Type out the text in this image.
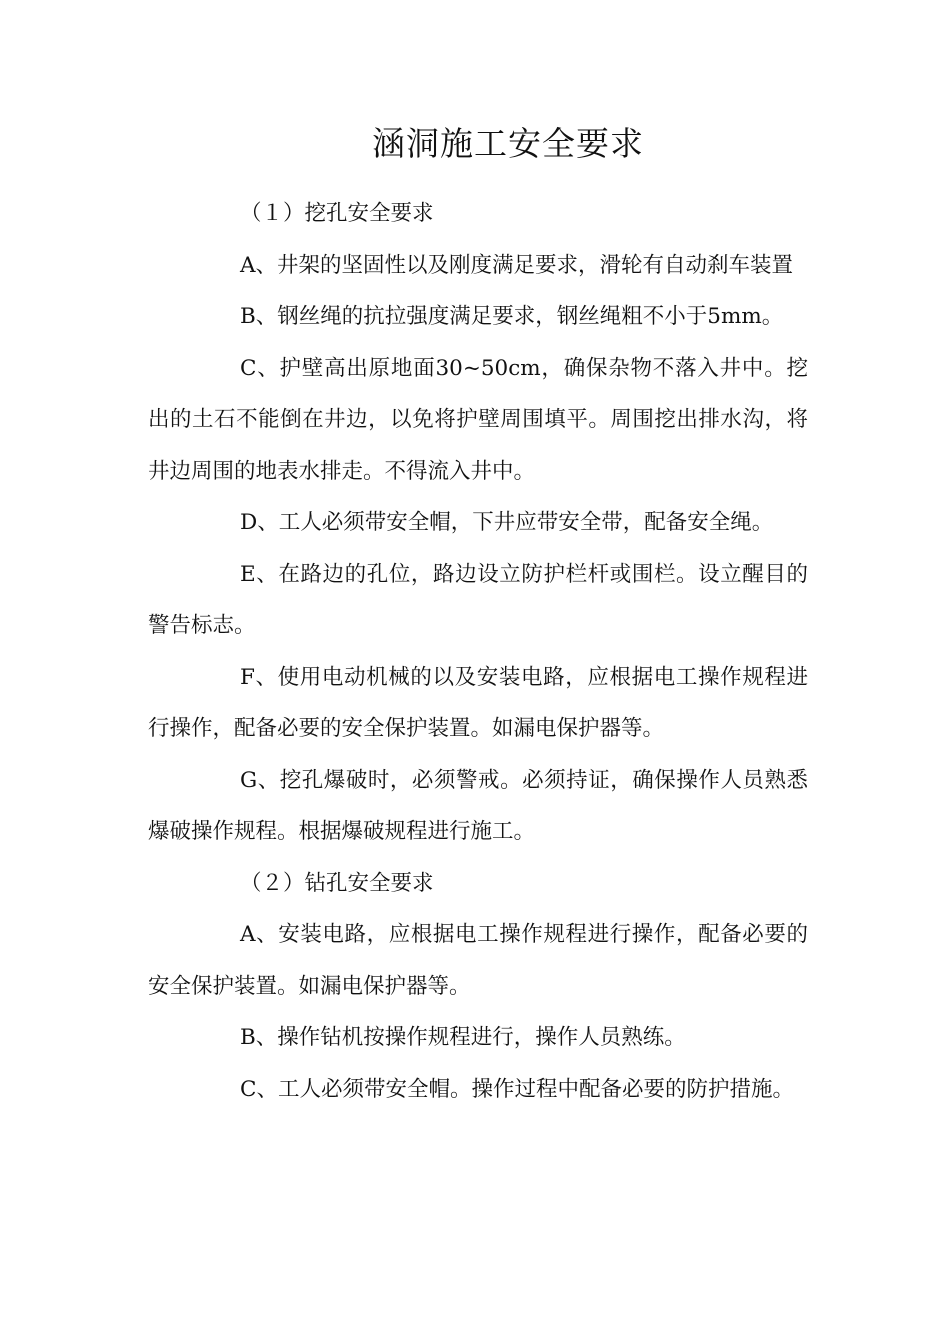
涵洞施工安全要求

（１）挖孔安全要求

A、井架的坚固性以及刚度满足要求，滑轮有自动刹车装置

B、钢丝绳的抗拉强度满足要求，钢丝绳粗不小于5mm。

C、护壁高出原地面30~50cm，确保杂物不落入井中。挖出的土石不能倒在井边，以免将护壁周围填平。周围挖出排水沟，将井边周围的地表水排走。不得流入井中。

D、工人必须带安全帽，下井应带安全带，配备安全绳。

E、在路边的孔位，路边设立防护栏杆或围栏。设立醒目的警告标志。

F、使用电动机械的以及安装电路，应根据电工操作规程进行操作，配备必要的安全保护装置。如漏电保护器等。

G、挖孔爆破时，必须警戒。必须持证，确保操作人员熟悉爆破操作规程。根据爆破规程进行施工。

（２）钻孔安全要求

A、安装电路，应根据电工操作规程进行操作，配备必要的安全保护装置。如漏电保护器等。

B、操作钻机按操作规程进行，操作人员熟练。

C、工人必须带安全帽。操作过程中配备必要的防护措施。
